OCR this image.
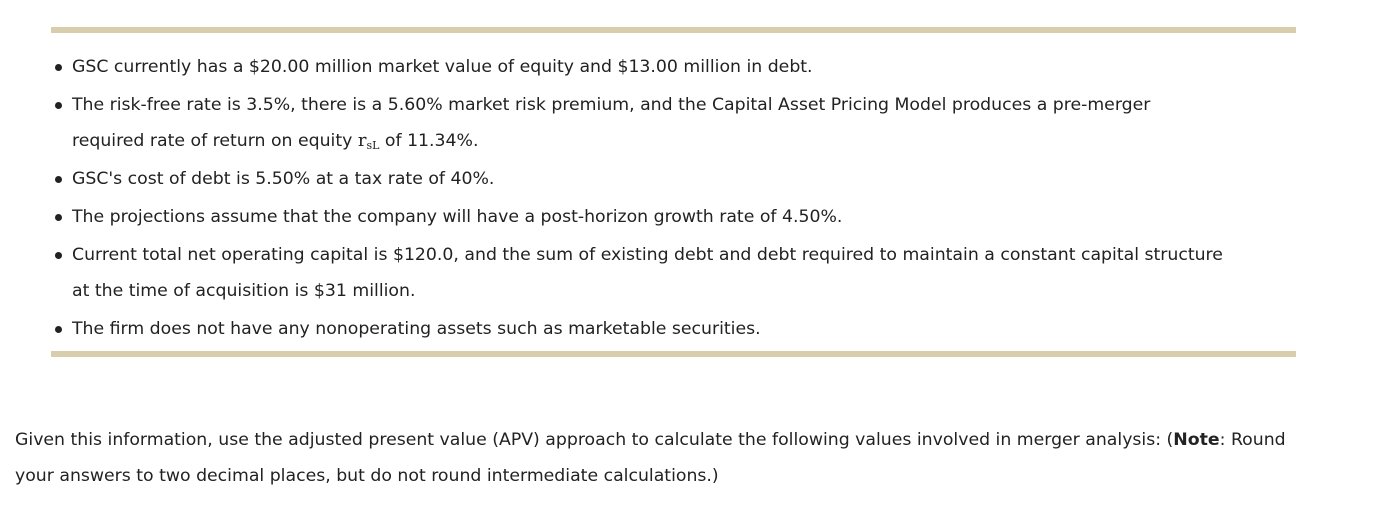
GSC currently has a $20.00 million market value of equity and $13.00 million in debt.
The risk-free rate is 3.5%, there is a 5.60% market risk premium, and the Capital Asset Pricing Model produces a pre-merger
required rate of return on equity $r_{sL}$ of 11.34%.
GSC's cost of debt is 5.50% at a tax rate of 40%.
The projections assume that the company will have a post-horizon growth rate of 4.50%.
Current total net operating capital is $120.0, and the sum of existing debt and debt required to maintain a constant capital structure
at the time of acquisition is $31 million.
The firm does not have any nonoperating assets such as marketable securities.

Given this information, use the adjusted present value (APV) approach to calculate the following values involved in merger analysis: (Note: Round
your answers to two decimal places, but do not round intermediate calculations.)
